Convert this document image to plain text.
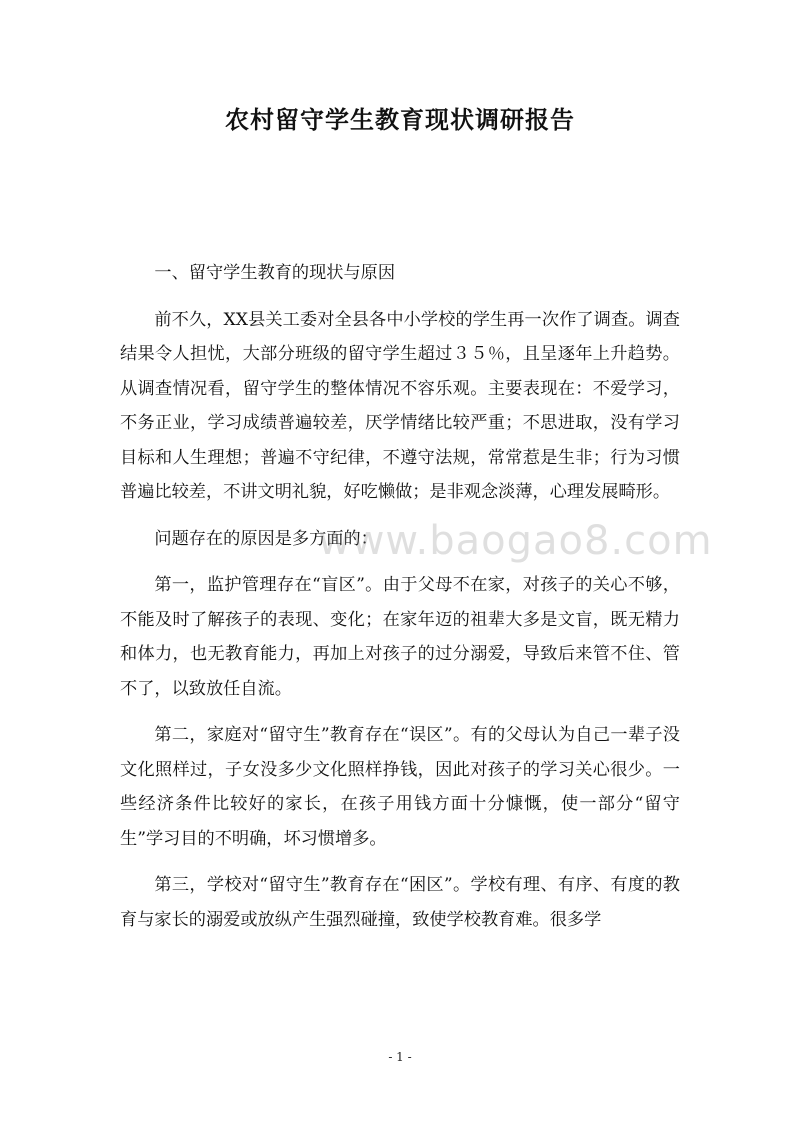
农村留守学生教育现状调研报告

一、留守学生教育的现状与原因

前不久，XX县关工委对全县各中小学校的学生再一次作了调查。调查结果令人担忧，大部分班级的留守学生超过３５％，且呈逐年上升趋势。从调查情况看，留守学生的整体情况不容乐观。主要表现在：不爱学习，不务正业，学习成绩普遍较差，厌学情绪比较严重；不思进取，没有学习目标和人生理想；普遍不守纪律，不遵守法规，常常惹是生非；行为习惯普遍比较差，不讲文明礼貌，好吃懒做；是非观念淡薄，心理发展畸形。

问题存在的原因是多方面的：

第一，监护管理存在“盲区”。由于父母不在家，对孩子的关心不够，不能及时了解孩子的表现、变化；在家年迈的祖辈大多是文盲，既无精力和体力，也无教育能力，再加上对孩子的过分溺爱，导致后来管不住、管不了，以致放任自流。

第二，家庭对“留守生”教育存在“误区”。有的父母认为自己一辈子没文化照样过，子女没多少文化照样挣钱，因此对孩子的学习关心很少。一些经济条件比较好的家长，在孩子用钱方面十分慷慨，使一部分“留守生”学习目的不明确，坏习惯增多。

第三，学校对“留守生”教育存在“困区”。学校有理、有序、有度的教育与家长的溺爱或放纵产生强烈碰撞，致使学校教育难。很多学

www.baogao8.com
- 1 -
